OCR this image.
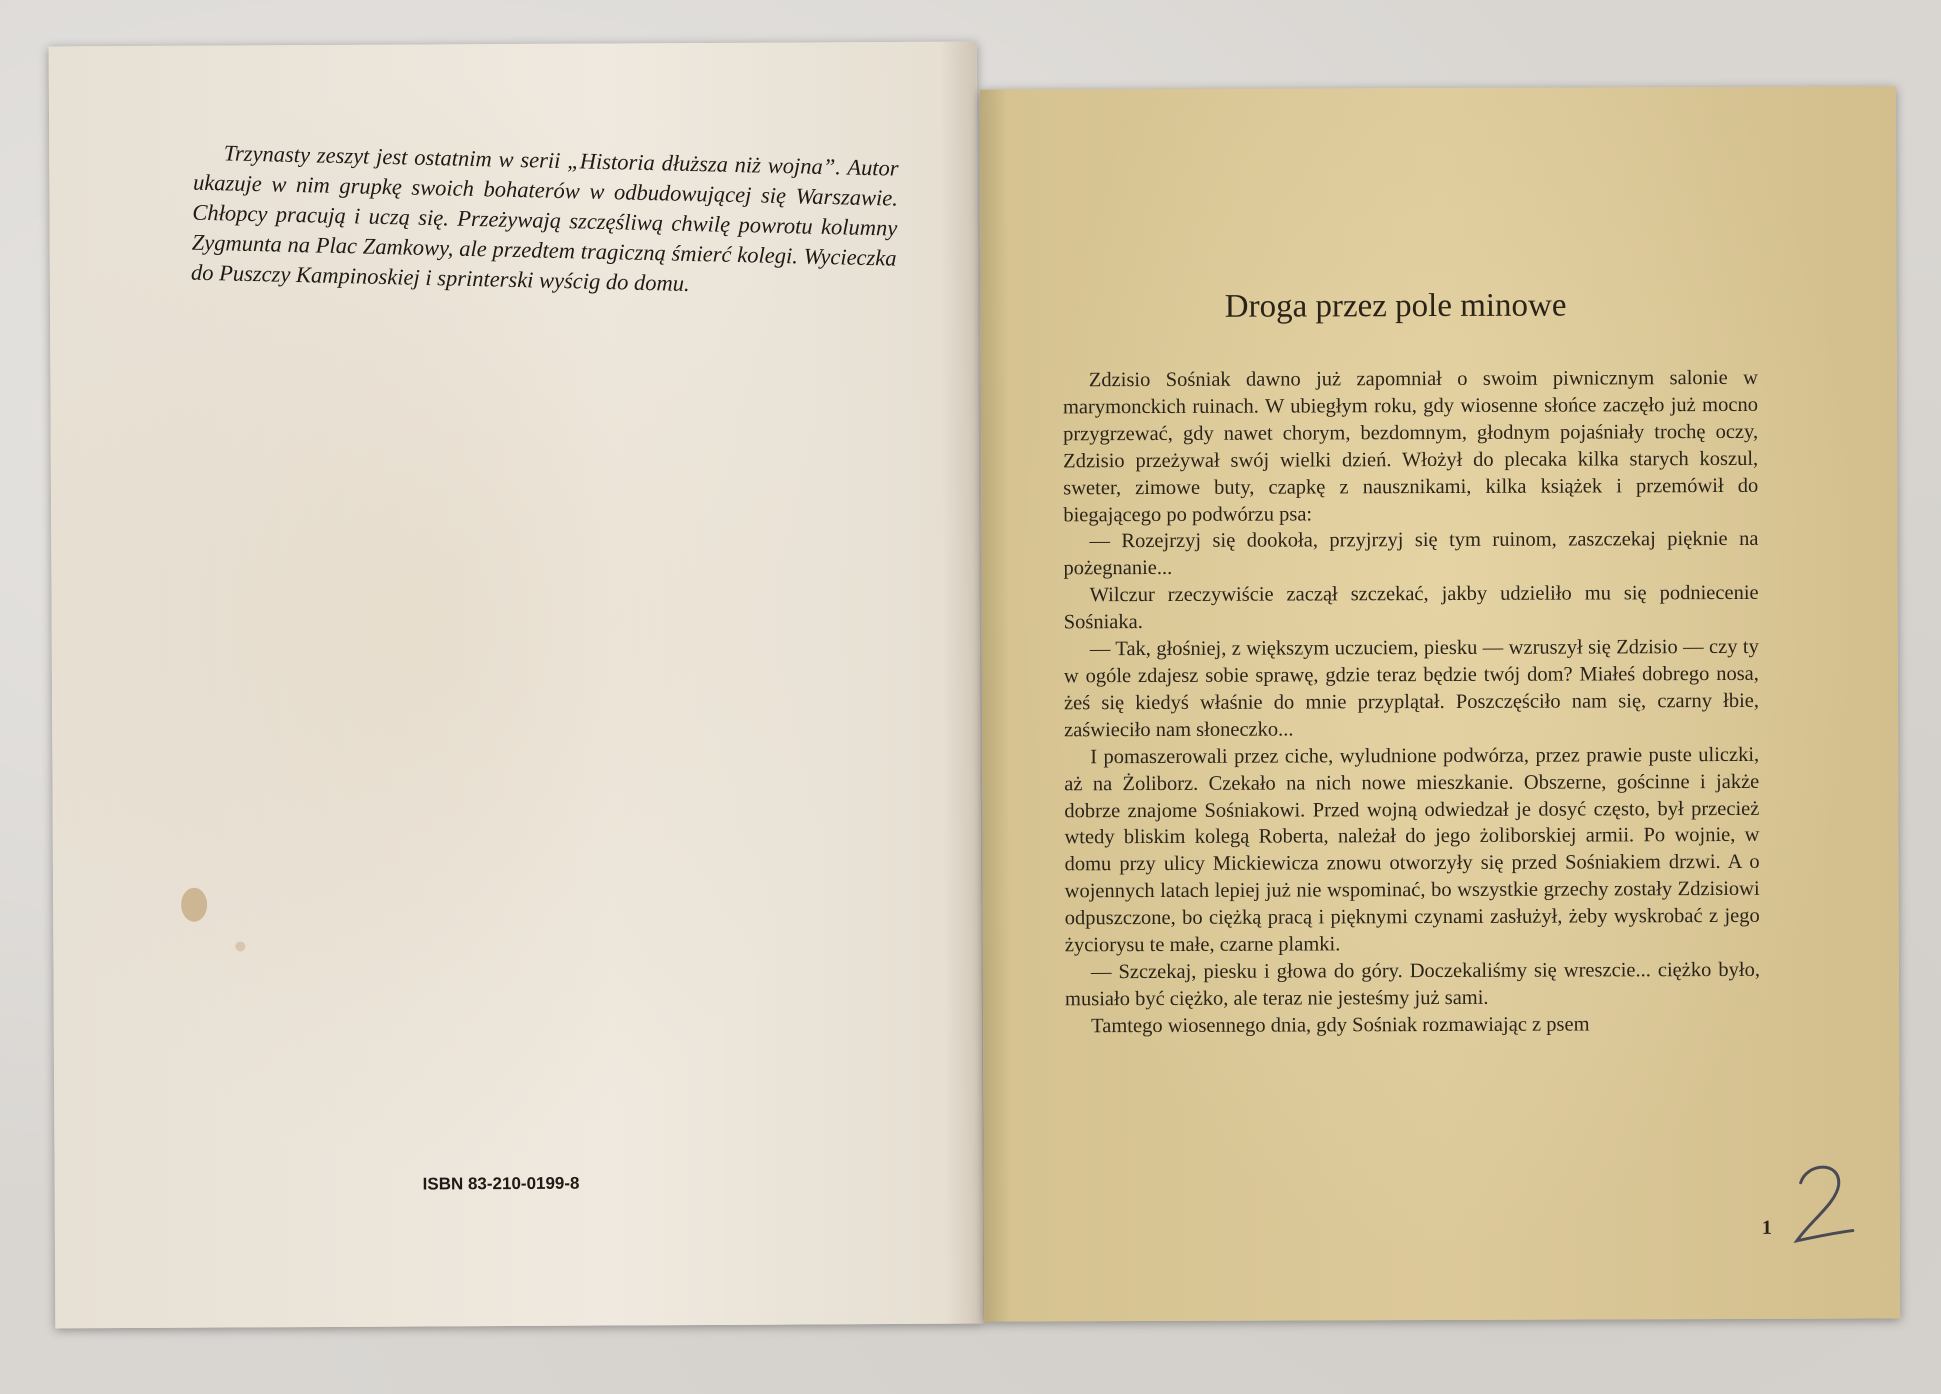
Trzynasty zeszyt jest ostatnim w serii „Historia dłuższa niż wojna”. Autor ukazuje w nim grupkę swoich bohaterów w odbudowującej się Warszawie. Chłopcy pracują i uczą się. Przeżywają szczęśliwą chwilę powrotu kolumny Zygmunta na Plac Zamkowy, ale przedtem tragiczną śmierć kolegi. Wycieczka do Puszczy Kampinoskiej i sprinterski wyścig do domu.
ISBN 83-210-0199-8
Droga przez pole minowe

Zdzisio Sośniak dawno już zapomniał o swoim piwnicznym salonie w marymonckich ruinach. W ubiegłym roku, gdy wiosenne słońce zaczęło już mocno przygrzewać, gdy nawet chorym, bezdomnym, głodnym pojaśniały trochę oczy, Zdzisio przeżywał swój wielki dzień. Włożył do plecaka kilka starych koszul, sweter, zimowe buty, czapkę z nausznikami, kilka książek i przemówił do biegającego po podwórzu psa:

— Rozejrzyj się dookoła, przyjrzyj się tym ruinom, zaszczekaj pięknie na pożegnanie...

Wilczur rzeczywiście zaczął szczekać, jakby udzieliło mu się podniecenie Sośniaka.

— Tak, głośniej, z większym uczuciem, piesku — wzruszył się Zdzisio — czy ty w ogóle zdajesz sobie sprawę, gdzie teraz będzie twój dom? Miałeś dobrego nosa, żeś się kiedyś właśnie do mnie przyplątał. Poszczęściło nam się, czarny łbie, zaświeciło nam słoneczko...

I pomaszerowali przez ciche, wyludnione podwórza, przez prawie puste uliczki, aż na Żoliborz. Czekało na nich nowe mieszkanie. Obszerne, gościnne i jakże dobrze znajome Sośniakowi. Przed wojną odwiedzał je dosyć często, był przecież wtedy bliskim kolegą Roberta, należał do jego żoliborskiej armii. Po wojnie, w domu przy ulicy Mickiewicza znowu otworzyły się przed Sośniakiem drzwi. A o wojennych latach lepiej już nie wspominać, bo wszystkie grzechy zostały Zdzisiowi odpuszczone, bo ciężką pracą i pięknymi czynami zasłużył, żeby wyskrobać z jego życiorysu te małe, czarne plamki.

— Szczekaj, piesku i głowa do góry. Doczekaliśmy się wreszcie... ciężko było, musiało być ciężko, ale teraz nie jesteśmy już sami.

Tamtego wiosennego dnia, gdy Sośniak rozmawiając z psem

1
